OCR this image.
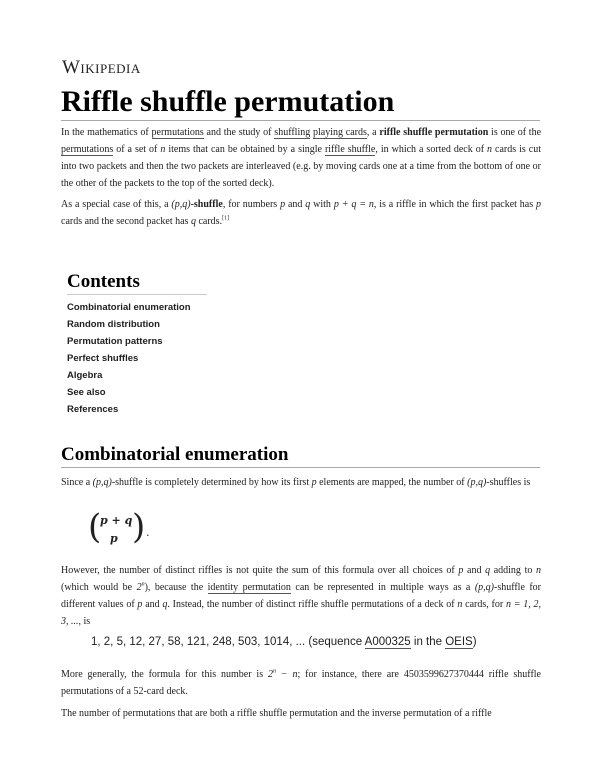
Wikipedia
Riffle shuffle permutation

In the mathematics of permutations and the study of shuffling playing cards, a riffle shuffle permutation is one of the permutations of a set of n items that can be obtained by a single riffle shuffle, in which a sorted deck of n cards is cut into two packets and then the two packets are interleaved (e.g. by moving cards one at a time from the bottom of one or the other of the packets to the top of the sorted deck).

As a special case of this, a (p,q)-shuffle, for numbers p and q with p + q = n, is a riffle in which the first packet has p cards and the second packet has q cards.[1]

Contents
Combinatorial enumeration
Random distribution
Permutation patterns
Perfect shuffles
Algebra
See also
References
Combinatorial enumeration

Since a (p,q)-shuffle is completely determined by how its first p elements are mapped, the number of (p,q)-shuffles is

(
p + q
p ) .

However, the number of distinct riffles is not quite the sum of this formula over all choices of p and q adding to n (which would be 2$^n$), because the identity permutation can be represented in multiple ways as a (p,q)-shuffle for different values of p and q. Instead, the number of distinct riffle shuffle permutations of a deck of n cards, for n = 1, 2, 3, ..., is

1, 2, 5, 12, 27, 58, 121, 248, 503, 1014, ... (sequence A000325 in the OEIS)

More generally, the formula for this number is $2^n - n$; for instance, there are 4503599627370444 riffle shuffle permutations of a 52-card deck.

The number of permutations that are both a riffle shuffle permutation and the inverse permutation of a riffle
